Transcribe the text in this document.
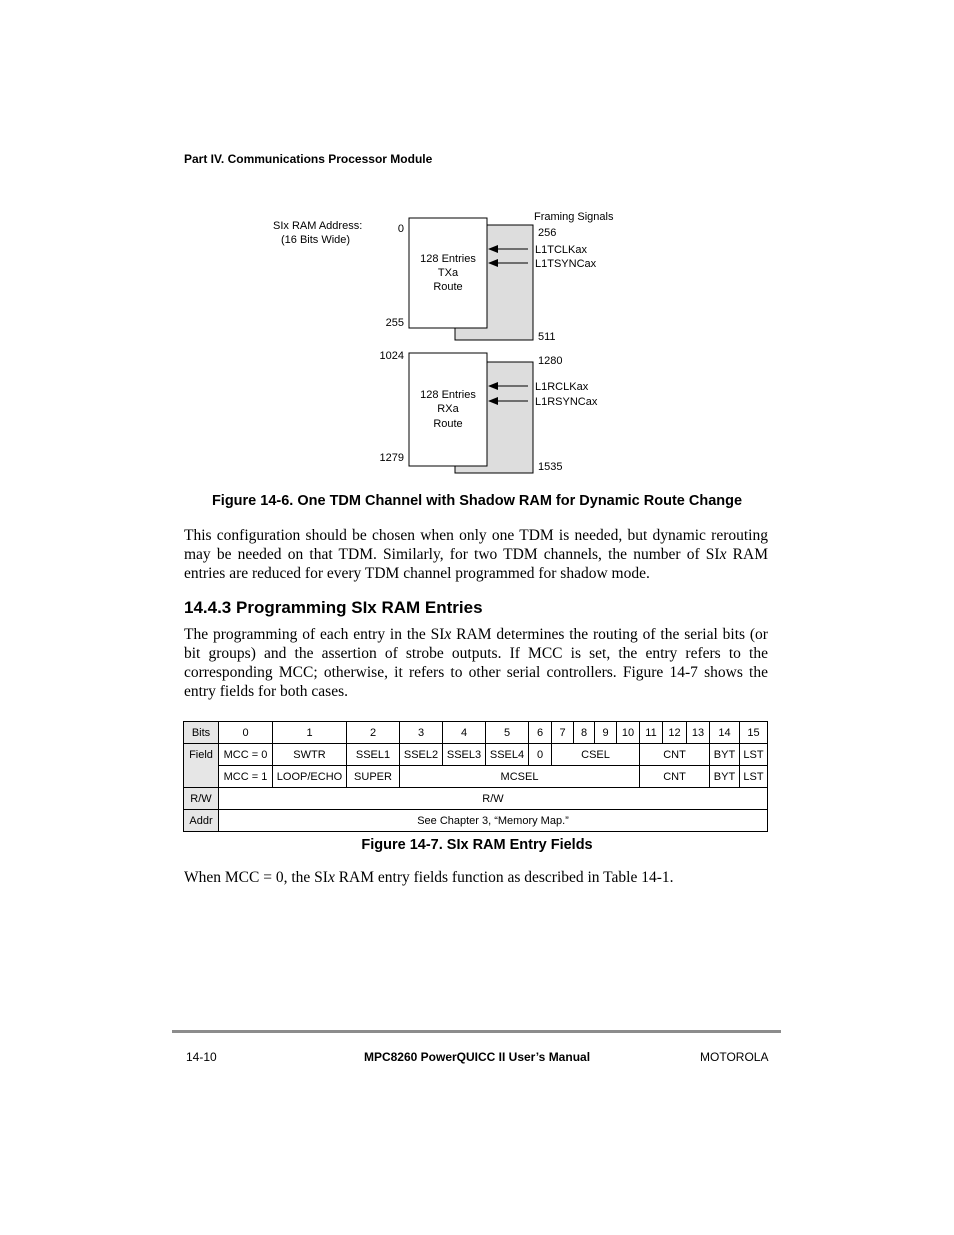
Part IV. Communications Processor Module
SIx RAM Address:
(16 Bits Wide)
Framing Signals
128 Entries
TXa
Route
0
255
256
511
L1TCLKax
L1TSYNCax
128 Entries
RXa
Route
1024
1279
1280
1535
L1RCLKax
L1RSYNCax
Figure 14-6. One TDM Channel with Shadow RAM for Dynamic Route Change
This configuration should be chosen when only one TDM is needed, but dynamic rerouting
may be needed on that TDM. Similarly, for two TDM channels, the number of SIx RAM
entries are reduced for every TDM channel programmed for shadow mode.
14.4.3 Programming SIx RAM Entries
The programming of each entry in the SIx RAM determines the routing of the serial bits (or
bit groups) and the assertion of strobe outputs. If MCC is set, the entry refers to the
corresponding MCC; otherwise, it refers to other serial controllers. Figure 14-7 shows the
entry fields for both cases.
Bits	0	1	2	3	4	5	6	7	8	9	10	11	12	13	14	15
Field	MCC = 0	SWTR	SSEL1	SSEL2	SSEL3	SSEL4	0	CSEL				CNT			BYT	LST
	MCC = 1	LOOP/ECHO	SUPER	MCSEL								CNT			BYT	LST
R/W	R/W															
Addr	See Chapter 3, “Memory Map.”															
Figure 14-7. SIx RAM Entry Fields
When MCC = 0, the SIx RAM entry fields function as described in Table 14-1.
14-10	MPC8260 PowerQUICC II User’s Manual	MOTOROLA
